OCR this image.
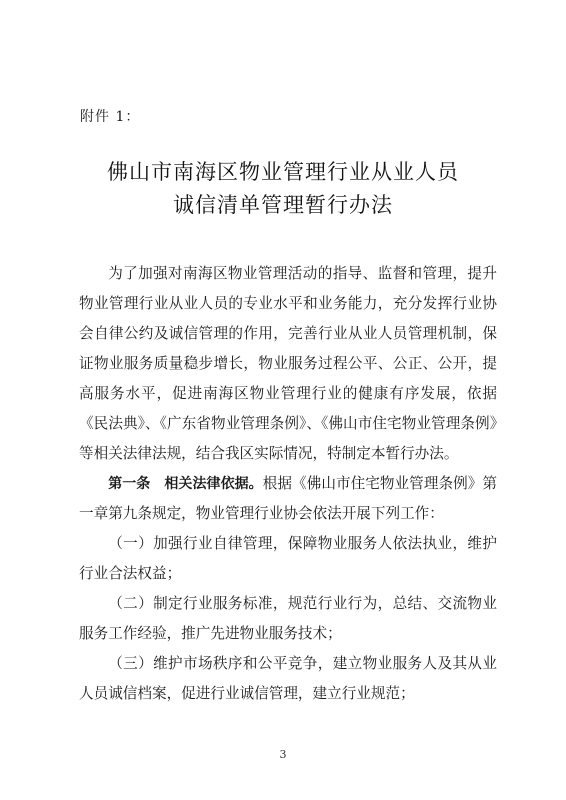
附件 1：
佛山市南海区物业管理行业从业人员
诚信清单管理暂行办法

为了加强对南海区物业管理活动的指导、监督和管理，提升物业管理行业从业人员的专业水平和业务能力，充分发挥行业协会自律公约及诚信管理的作用，完善行业从业人员管理机制，保证物业服务质量稳步增长，物业服务过程公平、公正、公开，提高服务水平，促进南海区物业管理行业的健康有序发展，依据《民法典》、《广东省物业管理条例》、《佛山市住宅物业管理条例》等相关法律法规，结合我区实际情况，特制定本暂行办法。

第一条　相关法律依据。根据《佛山市住宅物业管理条例》第一章第九条规定，物业管理行业协会依法开展下列工作：

（一）加强行业自律管理，保障物业服务人依法执业，维护行业合法权益；

（二）制定行业服务标准，规范行业行为，总结、交流物业服务工作经验，推广先进物业服务技术；

（三）维护市场秩序和公平竞争，建立物业服务人及其从业人员诚信档案，促进行业诚信管理，建立行业规范；

3
